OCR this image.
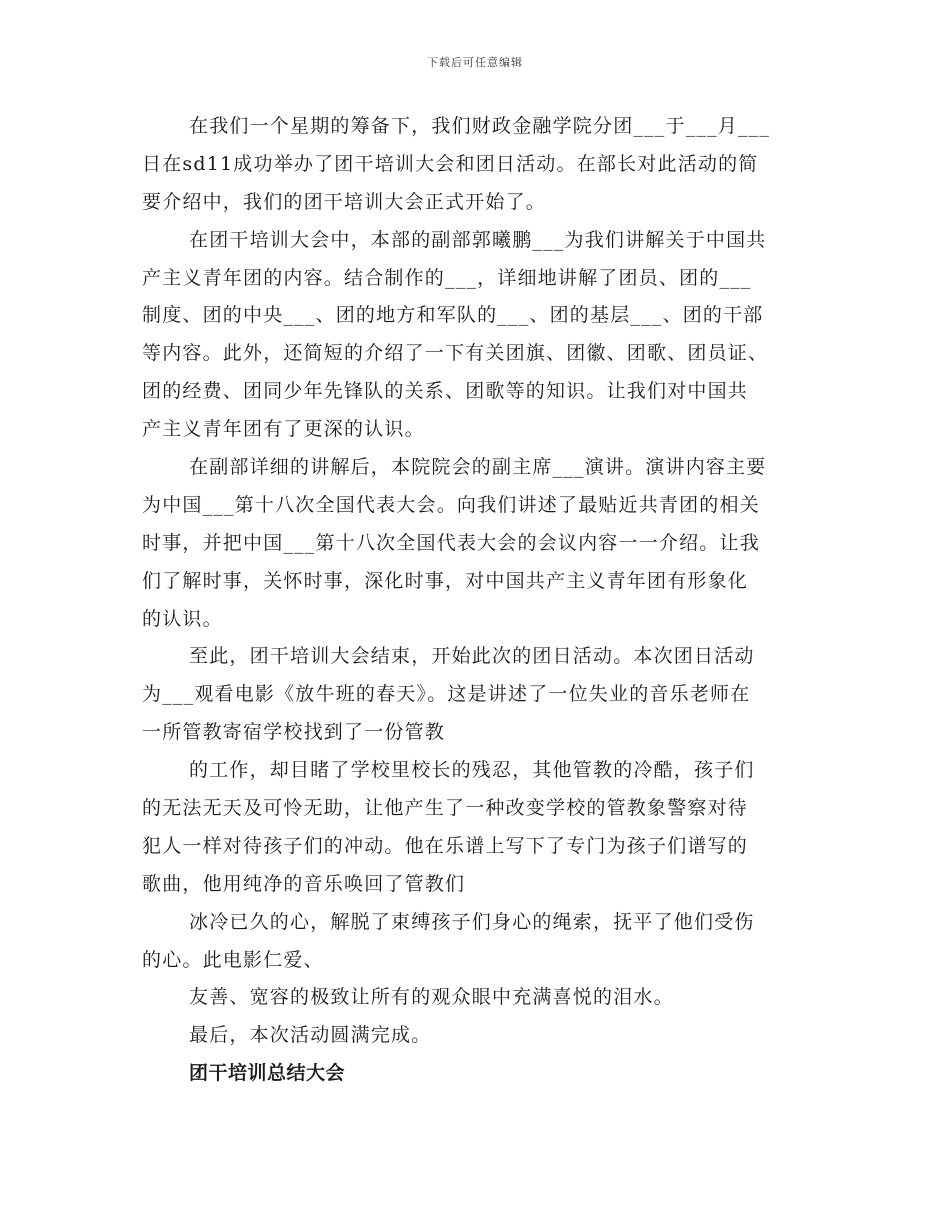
下载后可任意编辑
在我们一个星期的筹备下，我们财政金融学院分团___于___月___
日在sd11成功举办了团干培训大会和团日活动。在部长对此活动的简
要介绍中，我们的团干培训大会正式开始了。
在团干培训大会中，本部的副部郭曦鹏___为我们讲解关于中国共
产主义青年团的内容。结合制作的___，详细地讲解了团员、团的___
制度、团的中央___、团的地方和军队的___、团的基层___、团的干部
等内容。此外，还简短的介绍了一下有关团旗、团徽、团歌、团员证、
团的经费、团同少年先锋队的关系、团歌等的知识。让我们对中国共
产主义青年团有了更深的认识。
在副部详细的讲解后，本院院会的副主席___演讲。演讲内容主要
为中国___第十八次全国代表大会。向我们讲述了最贴近共青团的相关
时事，并把中国___第十八次全国代表大会的会议内容一一介绍。让我
们了解时事，关怀时事，深化时事，对中国共产主义青年团有形象化
的认识。
至此，团干培训大会结束，开始此次的团日活动。本次团日活动
为___观看电影《放牛班的春天》。这是讲述了一位失业的音乐老师在
一所管教寄宿学校找到了一份管教
的工作，却目睹了学校里校长的残忍，其他管教的冷酷，孩子们
的无法无天及可怜无助，让他产生了一种改变学校的管教象警察对待
犯人一样对待孩子们的冲动。他在乐谱上写下了专门为孩子们谱写的
歌曲，他用纯净的音乐唤回了管教们
冰冷已久的心，解脱了束缚孩子们身心的绳索，抚平了他们受伤
的心。此电影仁爱、
友善、宽容的极致让所有的观众眼中充满喜悦的泪水。
最后，本次活动圆满完成。
团干培训总结大会
